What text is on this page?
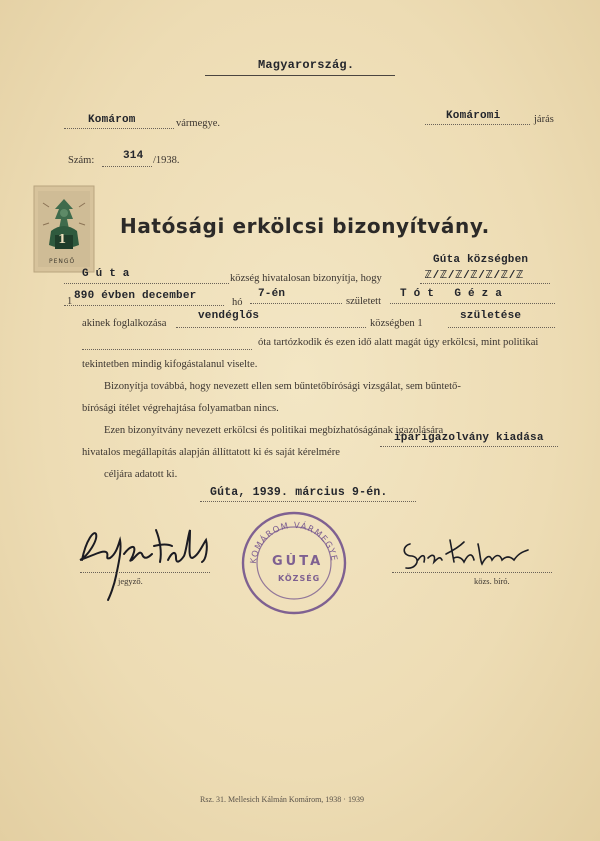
Magyarország.
Komárom	vármegye.
Komáromi	járás
Szám:	314 /1938.
1
PENGŐ
Hatósági erkölcsi bizonyítvány.
G ú t a	község hivatalosan bizonyítja, hogy
Gúta községben
ℤ/ℤ/ℤ/ℤ/ℤ/ℤ/ℤ
1 890 évben december
hó
7-én
született
T ó t   G é z a
akinek foglalkozása
vendéglős
községben 1
születése
óta tartózkodik és ezen idő alatt magát úgy erkölcsi, mint politikai
tekintetben mindig kifogástalanul viselte.
Bizonyítja továbbá, hogy nevezett ellen sem bűntetőbírósági vizsgálat, sem bűntető-
bírósági ítélet végrehajtása folyamatban nincs.
Ezen bizonyítvány nevezett erkölcsi és politikai megbízhatóságának igazolására
hivatalos megállapítás alapján állíttatott ki és saját kérelmére
iparigazolvány kiadása
céljára adatott ki.
Gúta, 1939. március 9-én.
jegyző.
KOMÁROM VÁRMEGYE
GÚTA
KÖZSÉG	közs. bíró.
Rsz. 31. Mellesich Kálmán Komárom, 1938 · 1939
